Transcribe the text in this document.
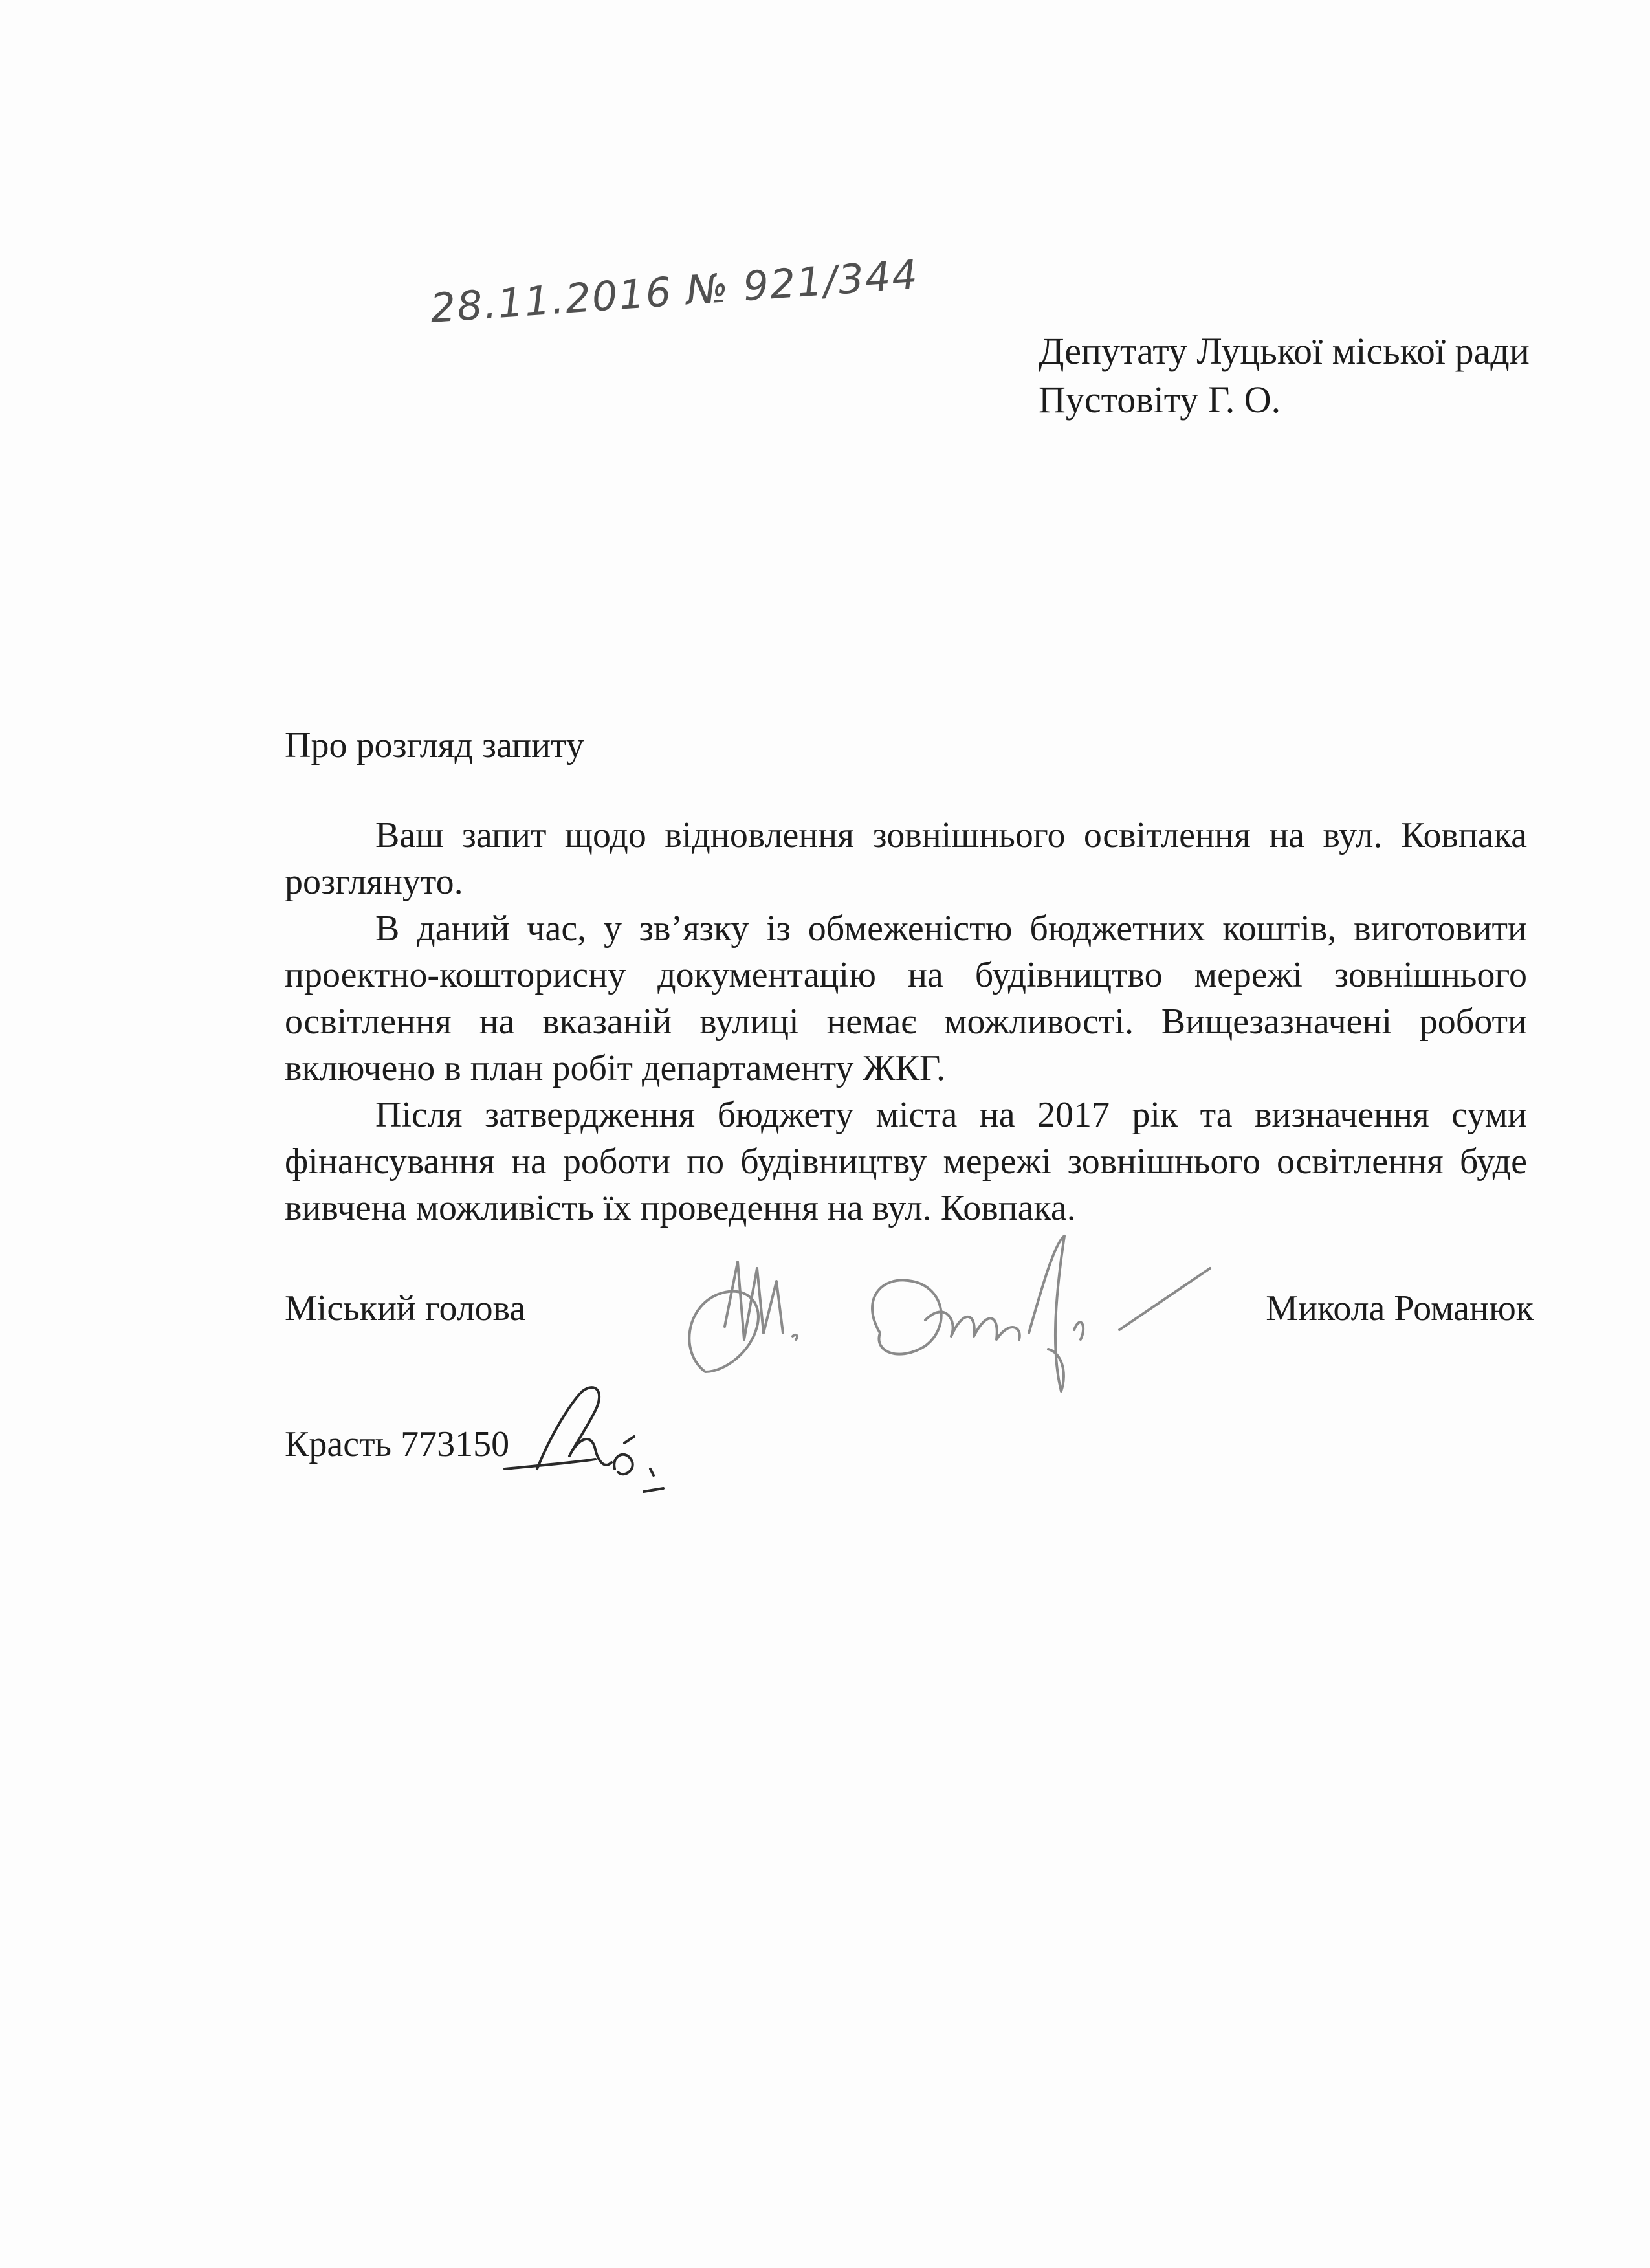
28.11.2016 № 921/344
Депутату Луцької міської ради
Пустовіту Г. О.
Про розгляд запиту

Ваш запит щодо відновлення зовнішнього освітлення на вул. Ковпака розглянуто.

В даний час, у зв’язку із обмеженістю бюджетних коштів, виготовити проектно-кошторисну документацію на будівництво мережі зовнішнього освітлення на вказаній вулиці немає можливості. Вищезазначені роботи включено в план робіт департаменту ЖКГ.

Після затвердження бюджету міста на 2017 рік та визначення суми фінансування на роботи по будівництву мережі зовнішнього освітлення буде вивчена можливість їх проведення на вул. Ковпака.

Міський голова	Микола Романюк
Красть 773150
